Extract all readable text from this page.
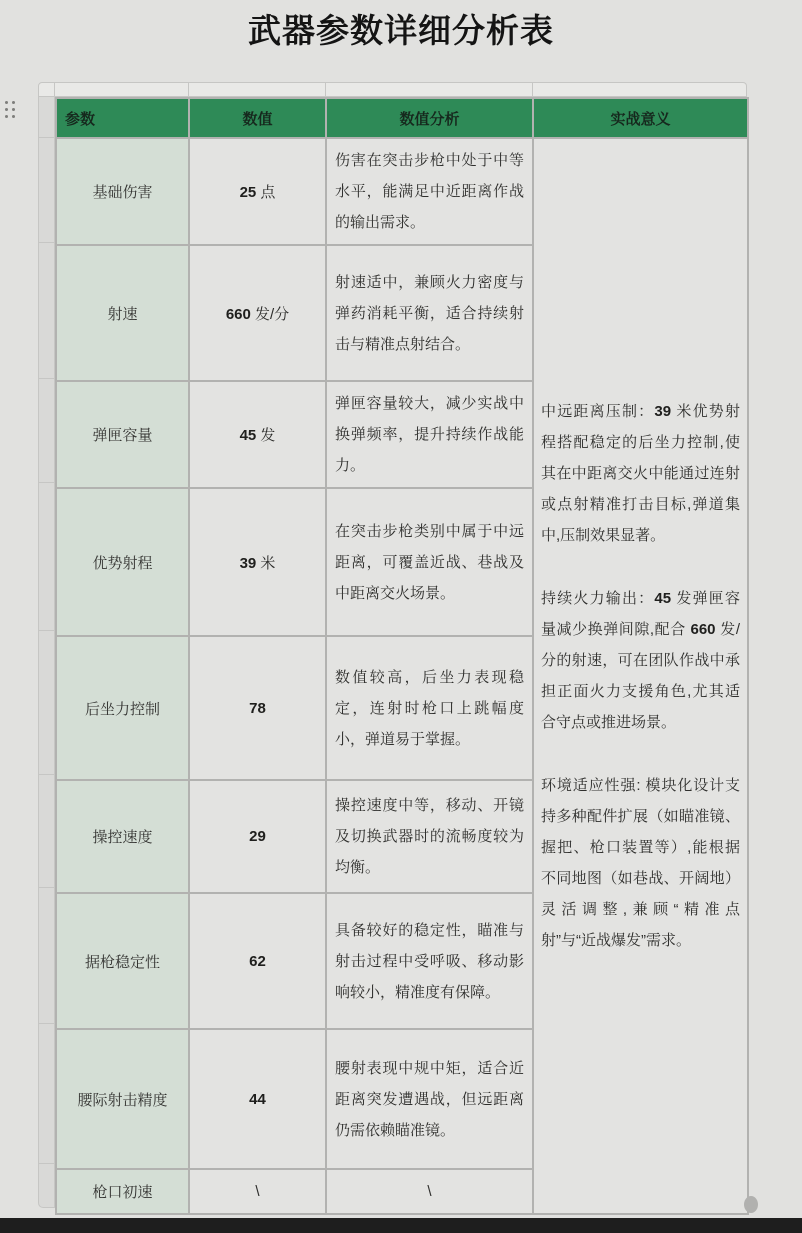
武器参数详细分析表
参数	数值	数值分析	实战意义
基础伤害	25 点	伤害在突击步枪中处于中等水平，能满足中近距离作战的输出需求。	中远距离压制：39 米优势射程搭配稳定的后坐力控制,使其在中距离交火中能通过连射或点射精准打击目标,弹道集中,压制效果显著。

持续火力输出：45 发弹匣容量减少换弹间隙,配合 660 发/分的射速，可在团队作战中承担正面火力支援角色,尤其适合守点或推进场景。

环境适应性强: 模块化设计支持多种配件扩展（如瞄准镜、握把、枪口装置等）,能根据不同地图（如巷战、开阔地）灵活调整,兼顾“精准点射”与“近战爆发”需求。

射速	660 发/分	射速适中，兼顾火力密度与弹药消耗平衡，适合持续射击与精准点射结合。	
弹匣容量	45 发	弹匣容量较大，减少实战中换弹频率，提升持续作战能力。	
优势射程	39 米	在突击步枪类别中属于中远距离，可覆盖近战、巷战及中距离交火场景。	
后坐力控制	78	数值较高，后坐力表现稳定，连射时枪口上跳幅度小，弹道易于掌握。	
操控速度	29	操控速度中等，移动、开镜及切换武器时的流畅度较为均衡。	
据枪稳定性	62	具备较好的稳定性，瞄准与射击过程中受呼吸、移动影响较小，精准度有保障。	
腰际射击精度	44	腰射表现中规中矩，适合近距离突发遭遇战，但远距离仍需依赖瞄准镜。	
枪口初速	\	\	
